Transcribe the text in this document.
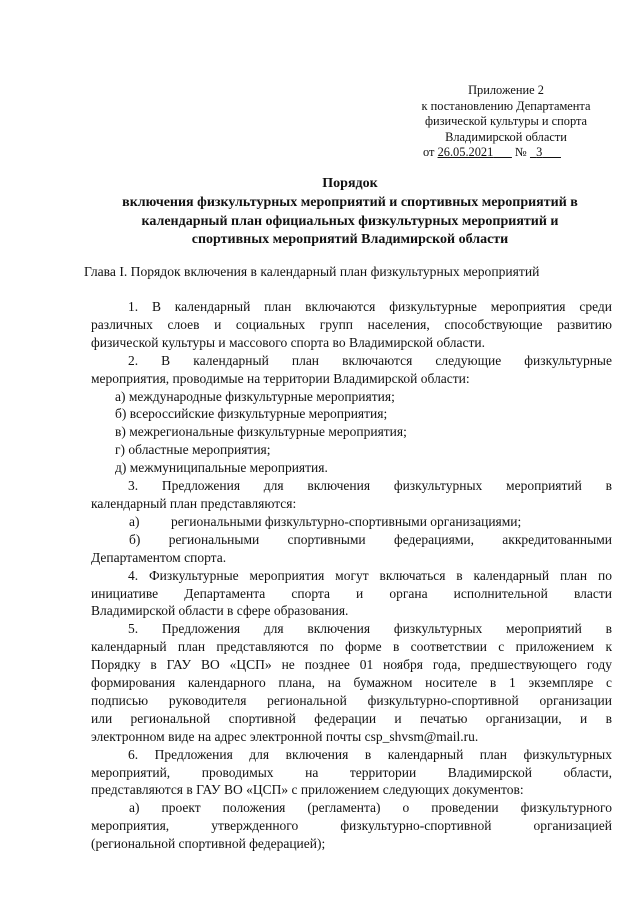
Приложение 2
к постановлению Департамента
физической культуры и спорта
Владимирской области
от 26.05.2021 № 3
Порядок
включения физкультурных мероприятий и спортивных мероприятий в
календарный план официальных физкультурных мероприятий и
спортивных мероприятий Владимирской области
Глава I. Порядок включения в календарный план физкультурных мероприятий

1. В календарный план включаются физкультурные мероприятия среди

различных слоев и социальных групп населения, способствующие развитию

физической культуры и массового спорта во Владимирской области.

2. В календарный план включаются следующие физкультурные

мероприятия, проводимые на территории Владимирской области:

а) международные физкультурные мероприятия;

б) всероссийские физкультурные мероприятия;

в) межрегиональные физкультурные мероприятия;

г) областные мероприятия;

д) межмуниципальные мероприятия.

3. Предложения для включения физкультурных мероприятий в

календарный план представляются:

а) региональными физкультурно-спортивными организациями;

б) региональными спортивными федерациями, аккредитованными

Департаментом спорта.

4. Физкультурные мероприятия могут включаться в календарный план по

инициативе Департамента спорта и органа исполнительной власти

Владимирской области в сфере образования.

5. Предложения для включения физкультурных мероприятий в

календарный план представляются по форме в соответствии с приложением к

Порядку в ГАУ ВО «ЦСП» не позднее 01 ноября года, предшествующего году

формирования календарного плана, на бумажном носителе в 1 экземпляре с

подписью руководителя региональной физкультурно-спортивной организации

или региональной спортивной федерации и печатью организации, и в

электронном виде на адрес электронной почты csp_shvsm@mail.ru.

6. Предложения для включения в календарный план физкультурных

мероприятий, проводимых на территории Владимирской области,

представляются в ГАУ ВО «ЦСП» с приложением следующих документов:

а) проект положения (регламента) о проведении физкультурного

мероприятия, утвержденного физкультурно-спортивной организацией

(региональной спортивной федерацией);
